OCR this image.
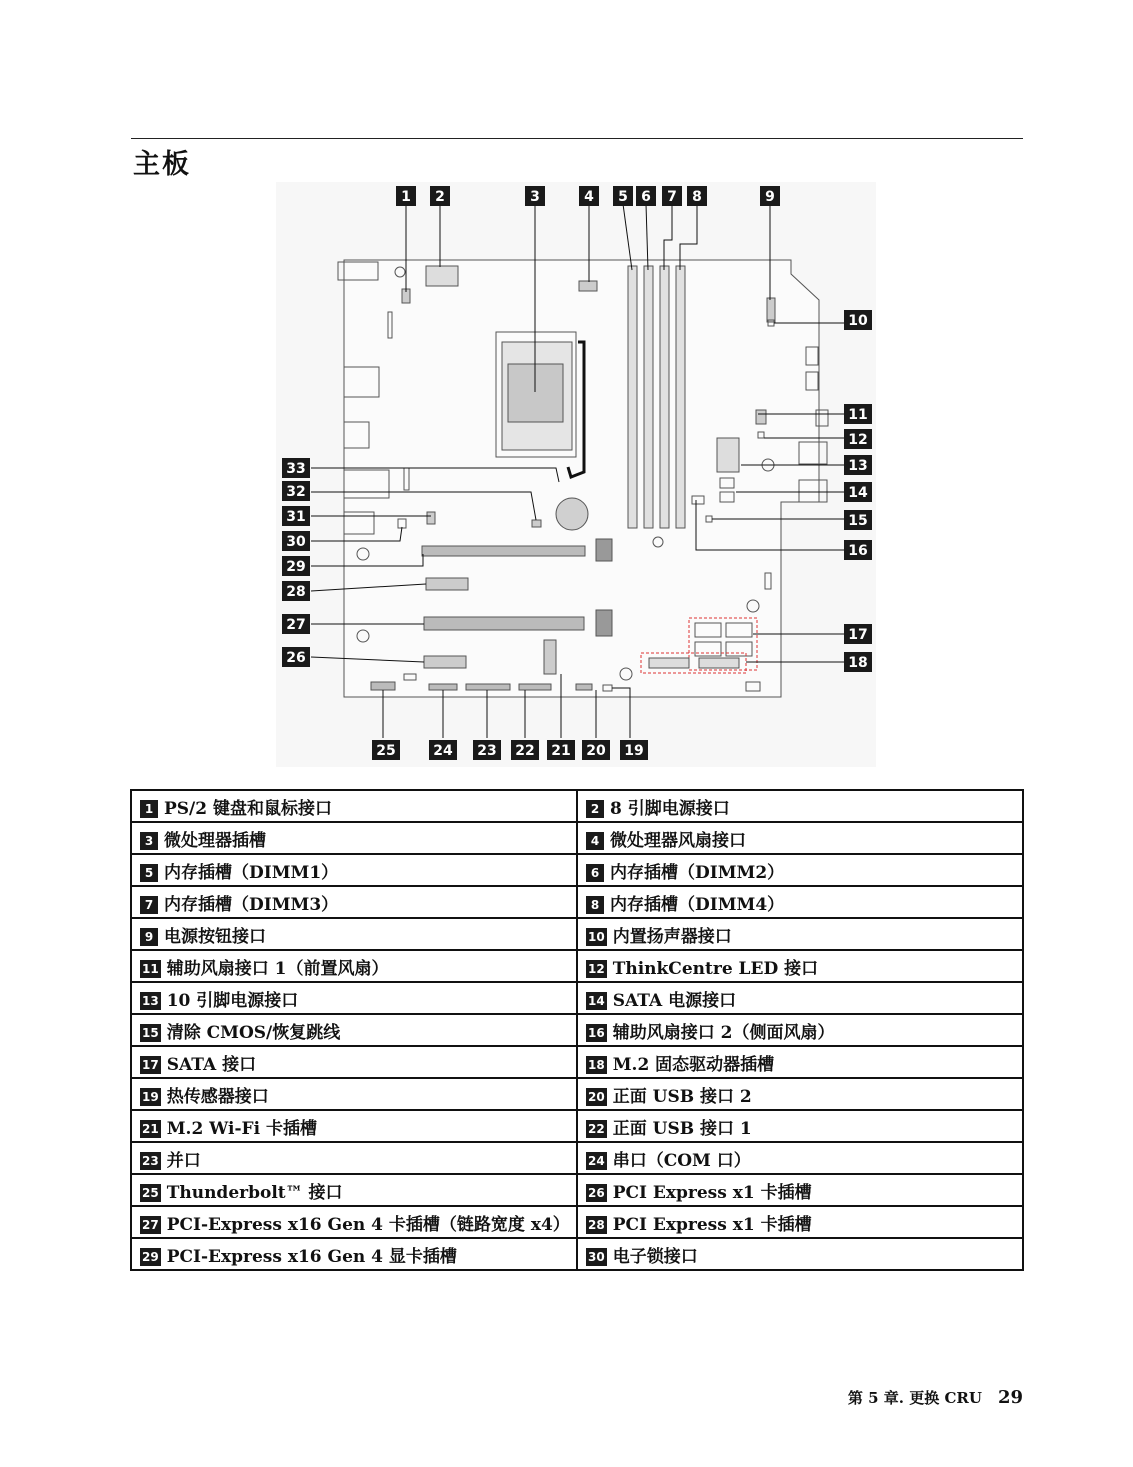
主板
1 2	3	4 5 6 7 8	9
10
11
12
13
14
15
16
17
18
19
20
21
22
23
24
25
26
27
28
29
30
31
32
33
1 PS/2 键盘和鼠标接口	2 8 引脚电源接口
3 微处理器插槽	4 微处理器风扇接口
5 内存插槽（DIMM1）	6 内存插槽（DIMM2）
7 内存插槽（DIMM3）	8 内存插槽（DIMM4）
9 电源按钮接口	10 内置扬声器接口
11 辅助风扇接口 1（前置风扇）	12 ThinkCentre LED 接口
13 10 引脚电源接口	14 SATA 电源接口
15 清除 CMOS/恢复跳线	16 辅助风扇接口 2（侧面风扇）
17 SATA 接口	18 M.2 固态驱动器插槽
19 热传感器接口	20 正面 USB 接口 2
21 M.2 Wi-Fi 卡插槽	22 正面 USB 接口 1
23 并口	24 串口（COM 口）
25 Thunderbolt™ 接口	26 PCI Express x1 卡插槽
27 PCI-Express x16 Gen 4 卡插槽（链路宽度 x4）	28 PCI Express x1 卡插槽
29 PCI-Express x16 Gen 4 显卡插槽	30 电子锁接口
第 5 章. 更换 CRU 29
